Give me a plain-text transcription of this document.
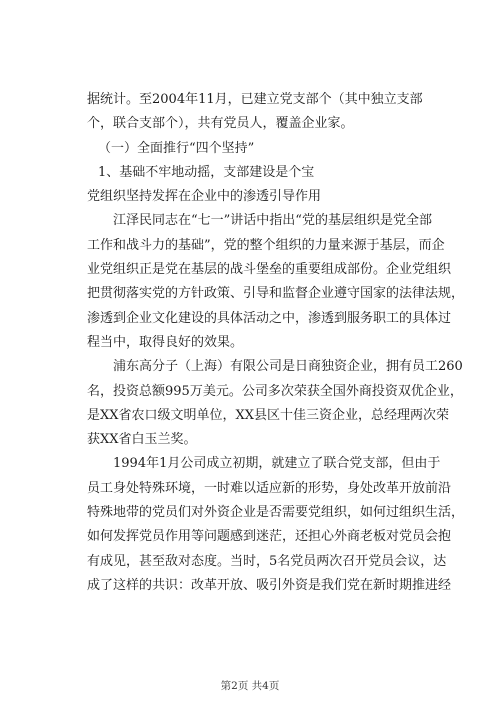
据统计。至2004年11月，已建立党支部个（其中独立支部
个，联合支部个），共有党员人，覆盖企业家。
（一）全面推行“四个坚持”
1、基础不牢地动摇，支部建设是个宝
党组织坚持发挥在企业中的渗透引导作用
江泽民同志在“七一”讲话中指出“党的基层组织是党全部
工作和战斗力的基础”，党的整个组织的力量来源于基层，而企
业党组织正是党在基层的战斗堡垒的重要组成部份。企业党组织
把贯彻落实党的方针政策、引导和监督企业遵守国家的法律法规，
渗透到企业文化建设的具体活动之中，渗透到服务职工的具体过
程当中，取得良好的效果。
浦东高分子（上海）有限公司是日商独资企业，拥有员工260
名，投资总额995万美元。公司多次荣获全国外商投资双优企业，
是XX省农口级文明单位，XX县区十佳三资企业，总经理两次荣
获XX省白玉兰奖。
1994年1月公司成立初期，就建立了联合党支部，但由于
员工身处特殊环境，一时难以适应新的形势，身处改革开放前沿
特殊地带的党员们对外资企业是否需要党组织，如何过组织生活，
如何发挥党员作用等问题感到迷茫，还担心外商老板对党员会抱
有成见，甚至敌对态度。当时，5名党员两次召开党员会议，达
成了这样的共识：改革开放、吸引外资是我们党在新时期推进经
第2页 共4页
